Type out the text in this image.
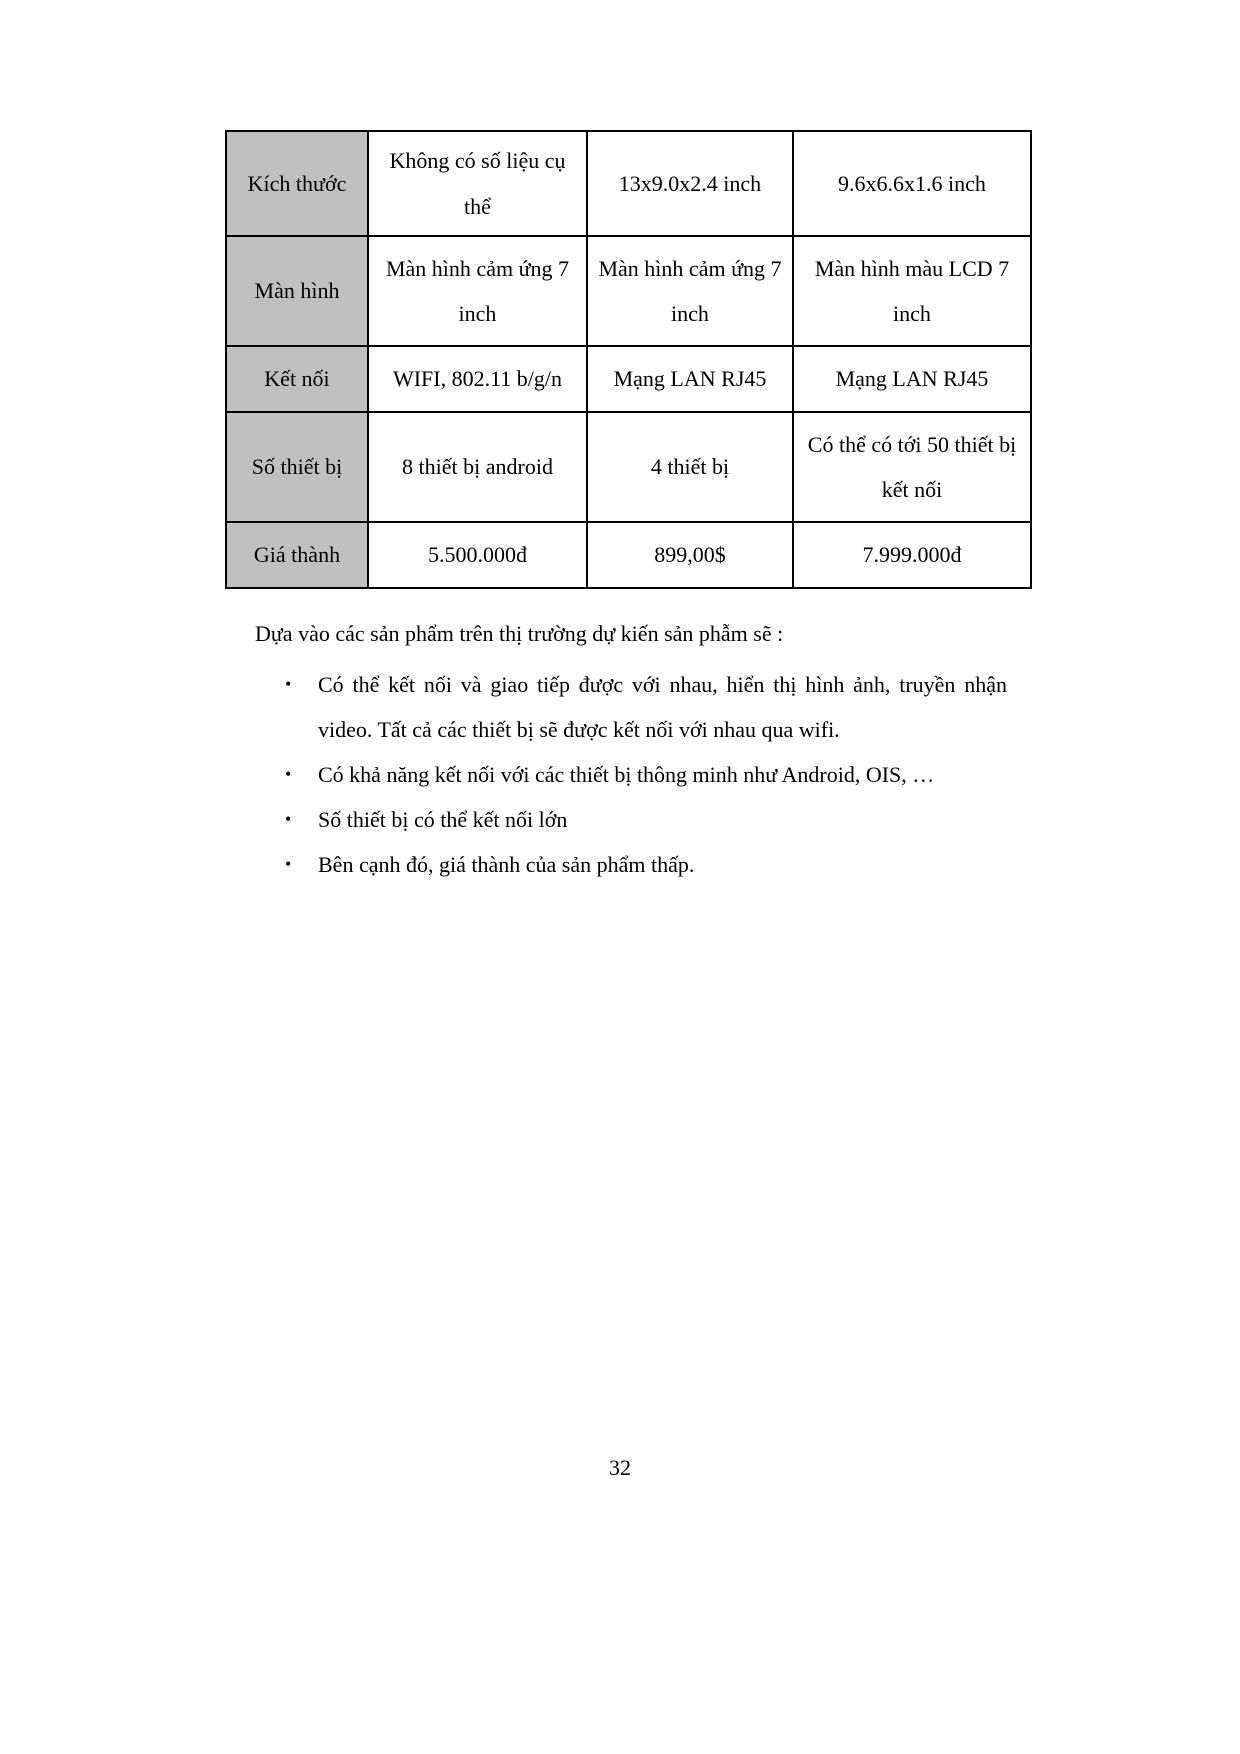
Kích thước	Không có số liệu cụ thể	13x9.0x2.4 inch	9.6x6.6x1.6 inch
Màn hình	Màn hình cảm ứng 7 inch	Màn hình cảm ứng 7 inch	Màn hình màu LCD 7 inch
Kết nối	WIFI, 802.11 b/g/n	Mạng LAN RJ45	Mạng LAN RJ45
Số thiết bị	8 thiết bị android	4 thiết bị	Có thể có tới 50 thiết bị kết nối
Giá thành	5.500.000đ	899,00$	7.999.000đ

Dựa vào các sản phẩm trên thị trường dự kiến sản phẫm sẽ :

•	Có thể kết nối và giao tiếp được với nhau, hiển thị hình ảnh, truyền nhận video. Tất cả các thiết bị sẽ được kết nối với nhau qua wifi.
•	Có khả năng kết nối với các thiết bị thông minh như Android, OIS, …
•	Số thiết bị có thể kết nối lớn
•	Bên cạnh đó, giá thành của sản phẩm thấp.
32
